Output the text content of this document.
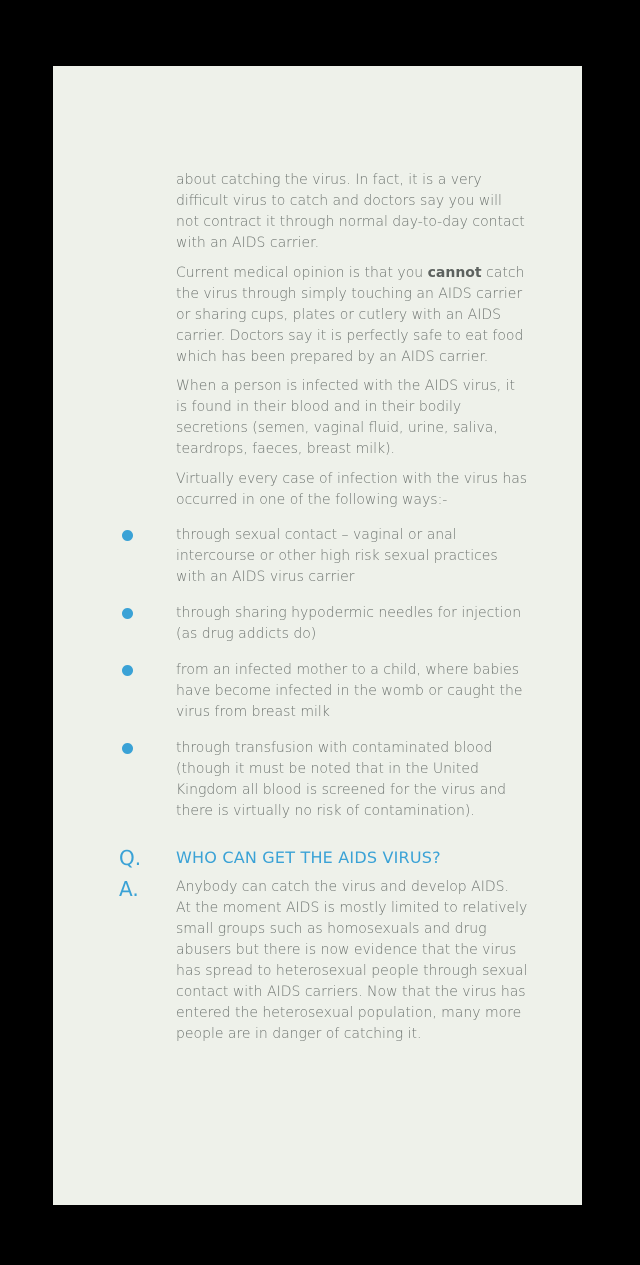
about catching the virus. In fact, it is a very difficult virus to catch and doctors say you will not contract it through normal day-to-day contact with an AIDS carrier.

Current medical opinion is that you cannot catch the virus through simply touching an AIDS carrier or sharing cups, plates or cutlery with an AIDS carrier. Doctors say it is perfectly safe to eat food which has been prepared by an AIDS carrier.

When a person is infected with the AIDS virus, it is found in their blood and in their bodily secretions (semen, vaginal fluid, urine, saliva, teardrops, faeces, breast milk).

Virtually every case of infection with the virus has occurred in one of the following ways:-

through sexual contact – vaginal or anal intercourse or other high risk sexual practices with an AIDS virus carrier

through sharing hypodermic needles for injection (as drug addicts do)

from an infected mother to a child, where babies have become infected in the womb or caught the virus from breast milk

through transfusion with contaminated blood (though it must be noted that in the United Kingdom all blood is screened for the virus and there is virtually no risk of contamination).

Q. WHO CAN GET THE AIDS VIRUS?
A.	Anybody can catch the virus and develop AIDS. At the moment AIDS is mostly limited to relatively small groups such as homosexuals and drug abusers but there is now evidence that the virus has spread to heterosexual people through sexual contact with AIDS carriers. Now that the virus has entered the heterosexual population, many more people are in danger of catching it.
